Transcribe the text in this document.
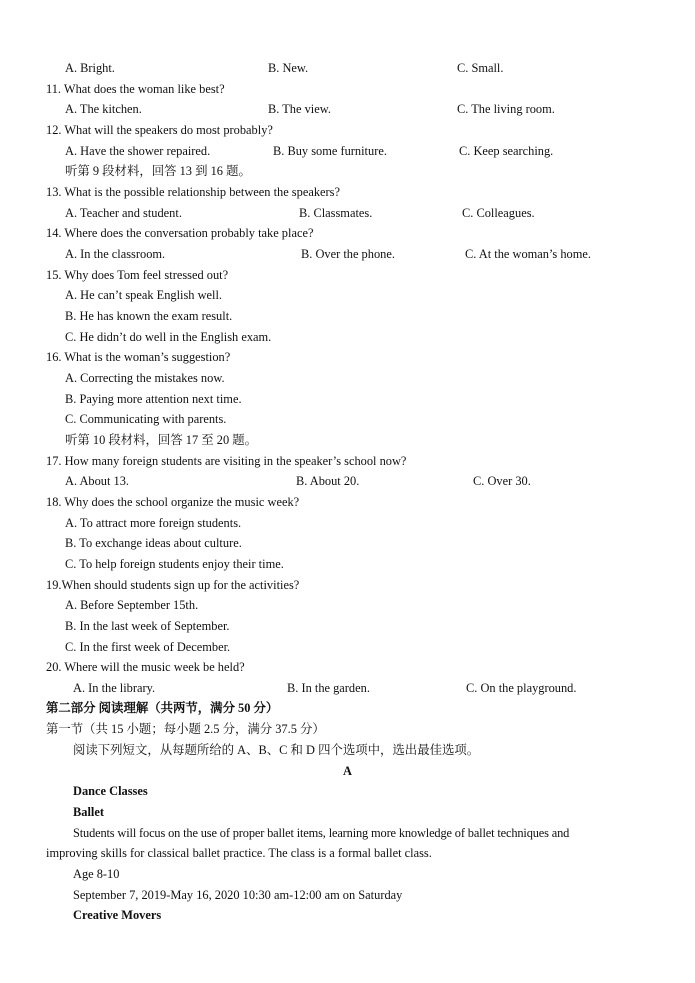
A. Bright.	B. New.	C. Small.
11. What does the woman like best?
A. The kitchen.	B. The view.	C. The living room.
12. What will the speakers do most probably?
A. Have the shower repaired.	B. Buy some furniture.	C. Keep searching.
听第 9 段材料，回答 13 到 16 题。
13. What is the possible relationship between the speakers?
A. Teacher and student.	B. Classmates.	C. Colleagues.
14. Where does the conversation probably take place?
A. In the classroom.	B. Over the phone.	C. At the woman’s home.
15. Why does Tom feel stressed out?
A. He can’t speak English well.
B. He has known the exam result.
C. He didn’t do well in the English exam.
16. What is the woman’s suggestion?
A. Correcting the mistakes now.
B. Paying more attention next time.
C. Communicating with parents.
听第 10 段材料，回答 17 至 20 题。
17. How many foreign students are visiting in the speaker’s school now?
A. About 13.	B. About 20.	C. Over 30.
18. Why does the school organize the music week?
A. To attract more foreign students.
B. To exchange ideas about culture.
C. To help foreign students enjoy their time.
19.When should students sign up for the activities?
A. Before September 15th.
B. In the last week of September.
C. In the first week of December.
20. Where will the music week be held?
A. In the library.	B. In the garden.	C. On the playground.
第二部分 阅读理解（共两节，满分 50 分）
第一节（共 15 小题；每小题 2.5 分，满分 37.5 分）
阅读下列短文，从每题所给的 A、B、C 和 D 四个选项中，选出最佳选项。
A
Dance Classes
Ballet
Students will focus on the use of proper ballet items, learning more knowledge of ballet techniques and
improving skills for classical ballet practice. The class is a formal ballet class.
Age 8-10
September 7, 2019-May 16, 2020 10:30 am-12:00 am on Saturday
Creative Movers
